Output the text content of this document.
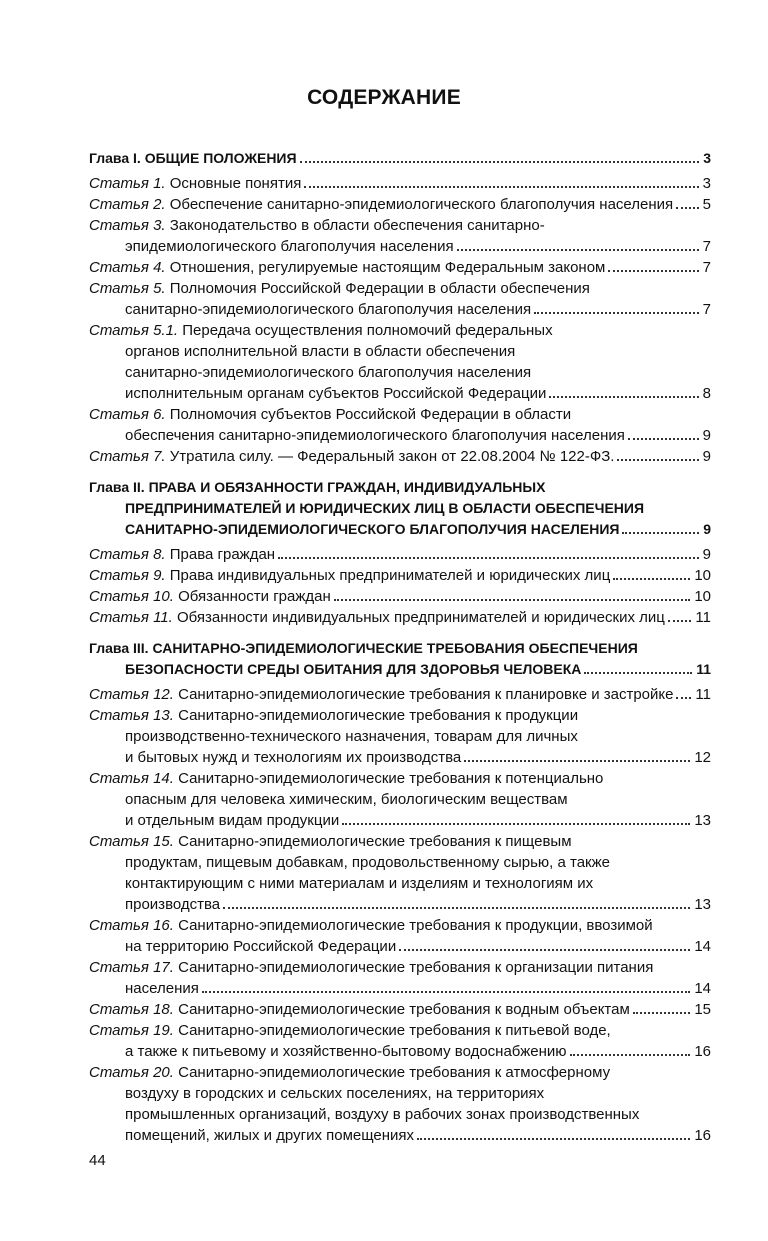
СОДЕРЖАНИЕ
Глава I. ОБЩИЕ ПОЛОЖЕНИЯ	3
Статья 1. Основные понятия	3
Статья 2. Обеспечение санитарно-эпидемиологического благополучия населения 5
Статья 3. Законодательство в области обеспечения санитарно-
эпидемиологического благополучия населения	7
Статья 4. Отношения, регулируемые настоящим Федеральным законом	7
Статья 5. Полномочия Российской Федерации в области обеспечения
санитарно-эпидемиологического благополучия населения	7
Статья 5.1. Передача осуществления полномочий федеральных
органов исполнительной власти в области обеспечения
санитарно-эпидемиологического благополучия населения
исполнительным органам субъектов Российской Федерации	8
Статья 6. Полномочия субъектов Российской Федерации в области
обеспечения санитарно-эпидемиологического благополучия населения	9
Статья 7. Утратила силу. — Федеральный закон от 22.08.2004 № 122-ФЗ.	9
Глава II. ПРАВА И ОБЯЗАННОСТИ ГРАЖДАН, ИНДИВИДУАЛЬНЫХ
ПРЕДПРИНИМАТЕЛЕЙ И ЮРИДИЧЕСКИХ ЛИЦ В ОБЛАСТИ ОБЕСПЕЧЕНИЯ
САНИТАРНО-ЭПИДЕМИОЛОГИЧЕСКОГО БЛАГОПОЛУЧИЯ НАСЕЛЕНИЯ	9
Статья 8. Права граждан	9
Статья 9. Права индивидуальных предпринимателей и юридических лиц	10
Статья 10. Обязанности граждан	10
Статья 11. Обязанности индивидуальных предпринимателей и юридических лиц 11
Глава III. САНИТАРНО-ЭПИДЕМИОЛОГИЧЕСКИЕ ТРЕБОВАНИЯ ОБЕСПЕЧЕНИЯ
БЕЗОПАСНОСТИ СРЕДЫ ОБИТАНИЯ ДЛЯ ЗДОРОВЬЯ ЧЕЛОВЕКА	11
Статья 12. Санитарно-эпидемиологические требования к планировке и застройке 11
Статья 13. Санитарно-эпидемиологические требования к продукции
производственно-технического назначения, товарам для личных
и бытовых нужд и технологиям их производства	12
Статья 14. Санитарно-эпидемиологические требования к потенциально
опасным для человека химическим, биологическим веществам
и отдельным видам продукции	13
Статья 15. Санитарно-эпидемиологические требования к пищевым
продуктам, пищевым добавкам, продовольственному сырью, а также
контактирующим с ними материалам и изделиям и технологиям их
производства	13
Статья 16. Санитарно-эпидемиологические требования к продукции, ввозимой
на территорию Российской Федерации	14
Статья 17. Санитарно-эпидемиологические требования к организации питания
населения	14
Статья 18. Санитарно-эпидемиологические требования к водным объектам	15
Статья 19. Санитарно-эпидемиологические требования к питьевой воде,
а также к питьевому и хозяйственно-бытовому водоснабжению	16
Статья 20. Санитарно-эпидемиологические требования к атмосферному
воздуху в городских и сельских поселениях, на территориях
промышленных организаций, воздуху в рабочих зонах производственных
помещений, жилых и других помещениях	16
44
